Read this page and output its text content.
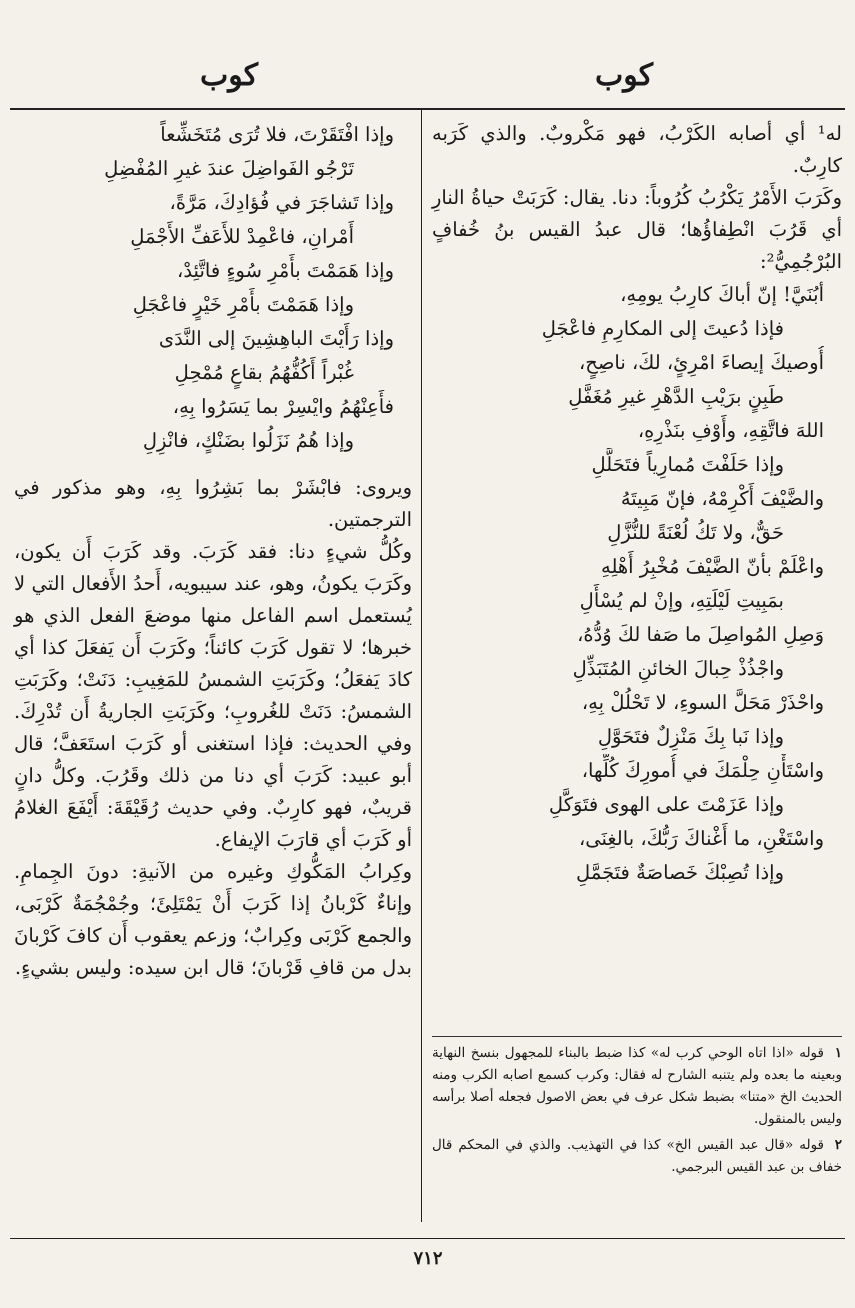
كوب
كوب

له¹ أي أصابه الكَرْبُ، فهو مَكْروبٌ. والذي كَرَبه كارِبٌ.

وكَرَبَ الأَمْرُ يَكْرُبُ كُرُوباً: دنا. يقال: كَرَبَتْ حياةُ النارِ أي قَرُبَ انْطِفاؤُها؛ قال عبدُ القيس بنُ خُفافٍ البُرْجُمِيُّ²:

أبُنَيَّ! إنّ أباكَ كارِبُ يومِهِ،
فإذا دُعيتَ إلى المكارِمِ فاعْجَلِ
أُوصيكَ إيصاءَ امْرِئٍ، لكَ، ناصِحٍ،
طَبِنٍ برَيْبِ الدَّهْرِ غيرِ مُغَفَّلِ
اللهَ فاتَّقِهِ، وأَوْفِ بنَذْرِهِ،
وإذا حَلَفْتَ مُمارِياً فتَحَلَّلِ
والضَّيْفَ أَكْرِمْهُ، فإنّ مَبِيتَهُ
حَقٌّ، ولا تَكُ لُعْنَةً للنُّزَّلِ
واعْلَمْ بأنّ الضَّيْفَ مُخْبِرُ أَهْلِهِ
بمَبِيتِ لَيْلَتِهِ، وإنْ لم يُسْأَلِ
وَصِلِ المُواصِلَ ما صَفا لكَ وُدُّهُ،
واجْذُذْ حِبالَ الخائنِ المُتَبَذِّلِ
واحْذَرْ مَحَلَّ السوءِ، لا تَحْلُلْ بِهِ،
وإذا نَبا بِكَ مَنْزِلٌ فتَحَوَّلِ
واسْتَأْنِ حِلْمَكَ في أُمورِكَ كُلِّها،
وإذا عَزَمْتَ على الهوى فتَوَكَّلِ
واسْتَغْنِ، ما أَغْناكَ رَبُّكَ، بالغِنَى،
وإذا تُصِبْكَ خَصاصَةٌ فتَجَمَّلِ

١قوله «اذا اتاه الوحي كرب له» كذا ضبط بالبناء للمجهول بنسخ النهاية وبعينه ما بعده ولم يتنبه الشارح له فقال: وكرب كسمع اصابه الكرب ومنه الحديث الخ «متنا» بضبط شكل عرف في بعض الاصول فجعله أصلا برأسه وليس بالمنقول.

٢قوله «قال عبد القيس الخ» كذا في التهذيب. والذي في المحكم قال خفاف بن عبد القيس البرجمي.

وإذا افْتَقَرْتَ، فلا تُرَى مُتَخَشِّعاً
تَرْجُو الفَواضِلَ عندَ غيرِ المُفْضِلِ
وإذا تَشاجَرَ في فُؤادِكَ، مَرَّةً،
أَمْرانِ، فاعْمِدْ للأَعَفِّ الأَجْمَلِ
وإذا هَمَمْتَ بأَمْرِ سُوءٍ فاتَّئِدْ،
وإذا هَمَمْتَ بأَمْرِ خَيْرٍ فاعْجَلِ
وإذا رَأَيْتَ الباهِشِينَ إلى النَّدَى
غُبْراً أَكُفُّهُمُ بقاعٍ مُمْحِلِ
فأَعِنْهُمُ وايْسِرْ بما يَسَرُوا بِهِ،
وإذا هُمُ نَزَلُوا بضَنْكٍ، فانْزِلِ

ويروى: فابْشَرْ بما بَشِرُوا بِهِ، وهو مذكور في الترجمتين.

وكُلُّ شيءٍ دنا: فقد كَرَبَ. وقد كَرَبَ أَن يكون، وكَرَبَ يكونُ، وهو، عند سيبويه، أَحدُ الأَفعال التي لا يُستعمل اسم الفاعل منها موضعَ الفعل الذي هو خبرها؛ لا تقول كَرَبَ كائناً؛ وكَرَبَ أَن يَفعَلَ كذا أي كادَ يَفعَلُ؛ وكَرَبَتِ الشمسُ للمَغِيبِ: دَنَتْ؛ وكَرَبَتِ الشمسُ: دَنَتْ للغُروبِ؛ وكَرَبَتِ الجاريةُ أَن تُدْرِكَ. وفي الحديث: فإذا استغنى أو كَرَبَ استَعَفَّ؛ قال أبو عبيد: كَرَبَ أي دنا من ذلك وقَرُبَ. وكلُّ دانٍ قريبٌ، فهو كارِبٌ. وفي حديث رُقَيْقَةَ: أَيْفَعَ الغلامُ أو كَرَبَ أي قارَبَ الإيفاع.

وكِرابُ المَكُّوكِ وغيره من الآنيةِ: دونَ الجِمامِ. وإناءٌ كَرْبانُ إذا كَرَبَ أَنْ يَمْتَلِئَ؛ وجُمْجُمَةٌ كَرْبَى، والجمع كَرْبَى وكِرابٌ؛ وزعم يعقوب أَن كافَ كَرْبانَ بدل من قافِ قَرْبانَ؛ قال ابن سيده: وليس بشيءٍ.

٧١٢
